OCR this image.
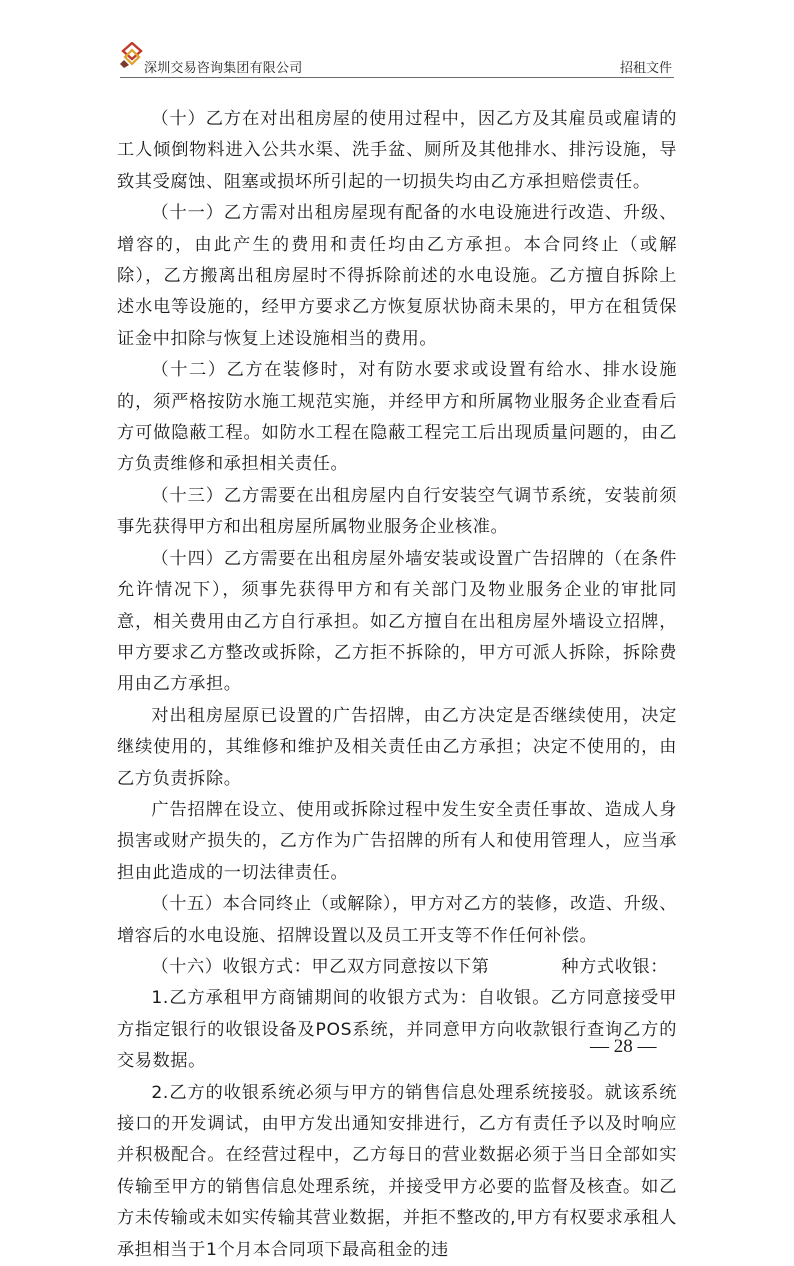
深圳交易咨询集团有限公司	招租文件

（十）乙方在对出租房屋的使用过程中，因乙方及其雇员或雇请的工人倾倒物料进入公共水渠、洗手盆、厕所及其他排水、排污设施，导致其受腐蚀、阻塞或损坏所引起的一切损失均由乙方承担赔偿责任。

（十一）乙方需对出租房屋现有配备的水电设施进行改造、升级、增容的，由此产生的费用和责任均由乙方承担。本合同终止（或解除），乙方搬离出租房屋时不得拆除前述的水电设施。乙方擅自拆除上述水电等设施的，经甲方要求乙方恢复原状协商未果的，甲方在租赁保证金中扣除与恢复上述设施相当的费用。

（十二）乙方在装修时，对有防水要求或设置有给水、排水设施的，须严格按防水施工规范实施，并经甲方和所属物业服务企业查看后方可做隐蔽工程。如防水工程在隐蔽工程完工后出现质量问题的，由乙方负责维修和承担相关责任。

（十三）乙方需要在出租房屋内自行安装空气调节系统，安装前须事先获得甲方和出租房屋所属物业服务企业核准。

（十四）乙方需要在出租房屋外墙安装或设置广告招牌的（在条件允许情况下），须事先获得甲方和有关部门及物业服务企业的审批同意，相关费用由乙方自行承担。如乙方擅自在出租房屋外墙设立招牌，甲方要求乙方整改或拆除，乙方拒不拆除的，甲方可派人拆除，拆除费用由乙方承担。

对出租房屋原已设置的广告招牌，由乙方决定是否继续使用，决定继续使用的，其维修和维护及相关责任由乙方承担；决定不使用的，由乙方负责拆除。

广告招牌在设立、使用或拆除过程中发生安全责任事故、造成人身损害或财产损失的，乙方作为广告招牌的所有人和使用管理人，应当承担由此造成的一切法律责任。

（十五）本合同终止（或解除），甲方对乙方的装修，改造、升级、增容后的水电设施、招牌设置以及员工开支等不作任何补偿。

（十六）收银方式：甲乙双方同意按以下第	种方式收银：

1.乙方承租甲方商铺期间的收银方式为：自收银。乙方同意接受甲方指定银行的收银设备及POS系统，并同意甲方向收款银行查询乙方的交易数据。

2.乙方的收银系统必须与甲方的销售信息处理系统接驳。就该系统接口的开发调试，由甲方发出通知安排进行，乙方有责任予以及时响应并积极配合。在经营过程中，乙方每日的营业数据必须于当日全部如实传输至甲方的销售信息处理系统，并接受甲方必要的监督及核查。如乙方未传输或未如实传输其营业数据，并拒不整改的,甲方有权要求承租人承担相当于1个月本合同项下最高租金的违

— 28 —
